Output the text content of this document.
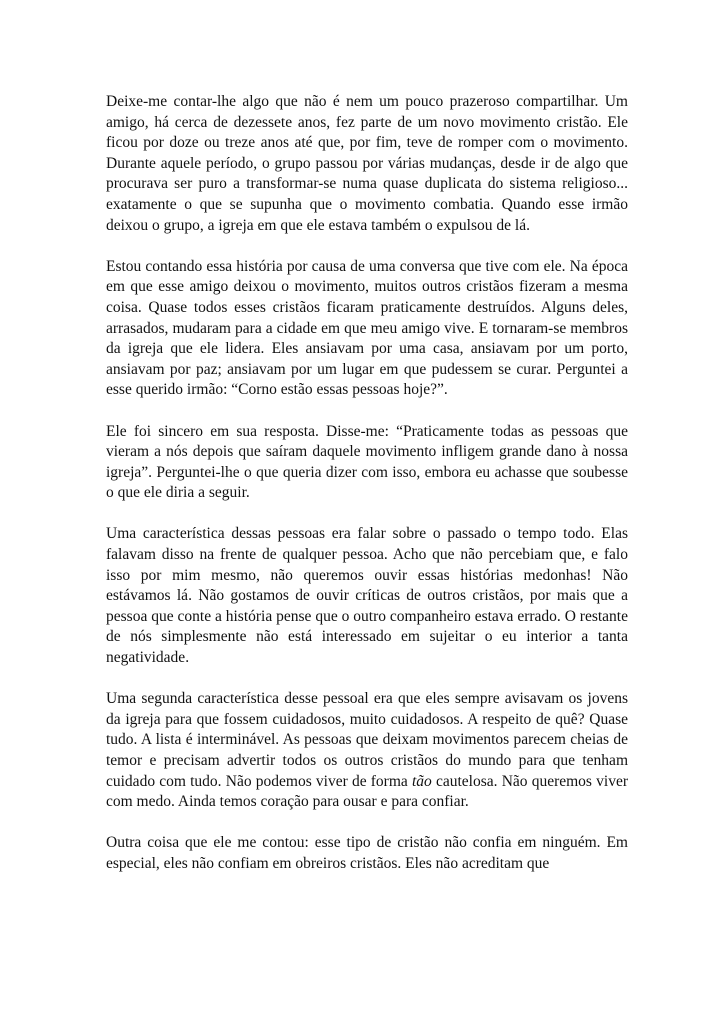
Deixe-me contar-lhe algo que não é nem um pouco prazeroso compartilhar. Um amigo, há cerca de dezessete anos, fez parte de um novo movimento cristão. Ele ficou por doze ou treze anos até que, por fim, teve de romper com o movimento. Durante aquele período, o grupo passou por várias mudanças, desde ir de algo que procurava ser puro a transformar-se numa quase duplicata do sistema religioso... exatamente o que se supunha que o movimento combatia. Quando esse irmão deixou o grupo, a igreja em que ele estava também o expulsou de lá.

Estou contando essa história por causa de uma conversa que tive com ele. Na época em que esse amigo deixou o movimento, muitos outros cristãos fizeram a mesma coisa. Quase todos esses cristãos ficaram praticamente destruídos. Alguns deles, arrasados, mudaram para a cidade em que meu amigo vive. E tornaram-se membros da igreja que ele lidera. Eles ansiavam por uma casa, ansiavam por um porto, ansiavam por paz; ansiavam por um lugar em que pudessem se curar. Perguntei a esse querido irmão: “Corno estão essas pessoas hoje?”.

Ele foi sincero em sua resposta. Disse-me: “Praticamente todas as pessoas que vieram a nós depois que saíram daquele movimento infligem grande dano à nossa igreja”. Perguntei-lhe o que queria dizer com isso, embora eu achasse que soubesse o que ele diria a seguir.

Uma característica dessas pessoas era falar sobre o passado o tempo todo. Elas falavam disso na frente de qualquer pessoa. Acho que não percebiam que, e falo isso por mim mesmo, não queremos ouvir essas histórias medonhas! Não estávamos lá. Não gostamos de ouvir críticas de outros cristãos, por mais que a pessoa que conte a história pense que o outro companheiro estava errado. O restante de nós simplesmente não está interessado em sujeitar o eu interior a tanta negatividade.

Uma segunda característica desse pessoal era que eles sempre avisavam os jovens da igreja para que fossem cuidadosos, muito cuidadosos. A respeito de quê? Quase tudo. A lista é interminável. As pessoas que deixam movimentos parecem cheias de temor e precisam advertir todos os outros cristãos do mundo para que tenham cuidado com tudo. Não podemos viver de forma tão cautelosa. Não queremos viver com medo. Ainda temos coração para ousar e para confiar.

Outra coisa que ele me contou: esse tipo de cristão não confia em ninguém. Em especial, eles não confiam em obreiros cristãos. Eles não acreditam que
